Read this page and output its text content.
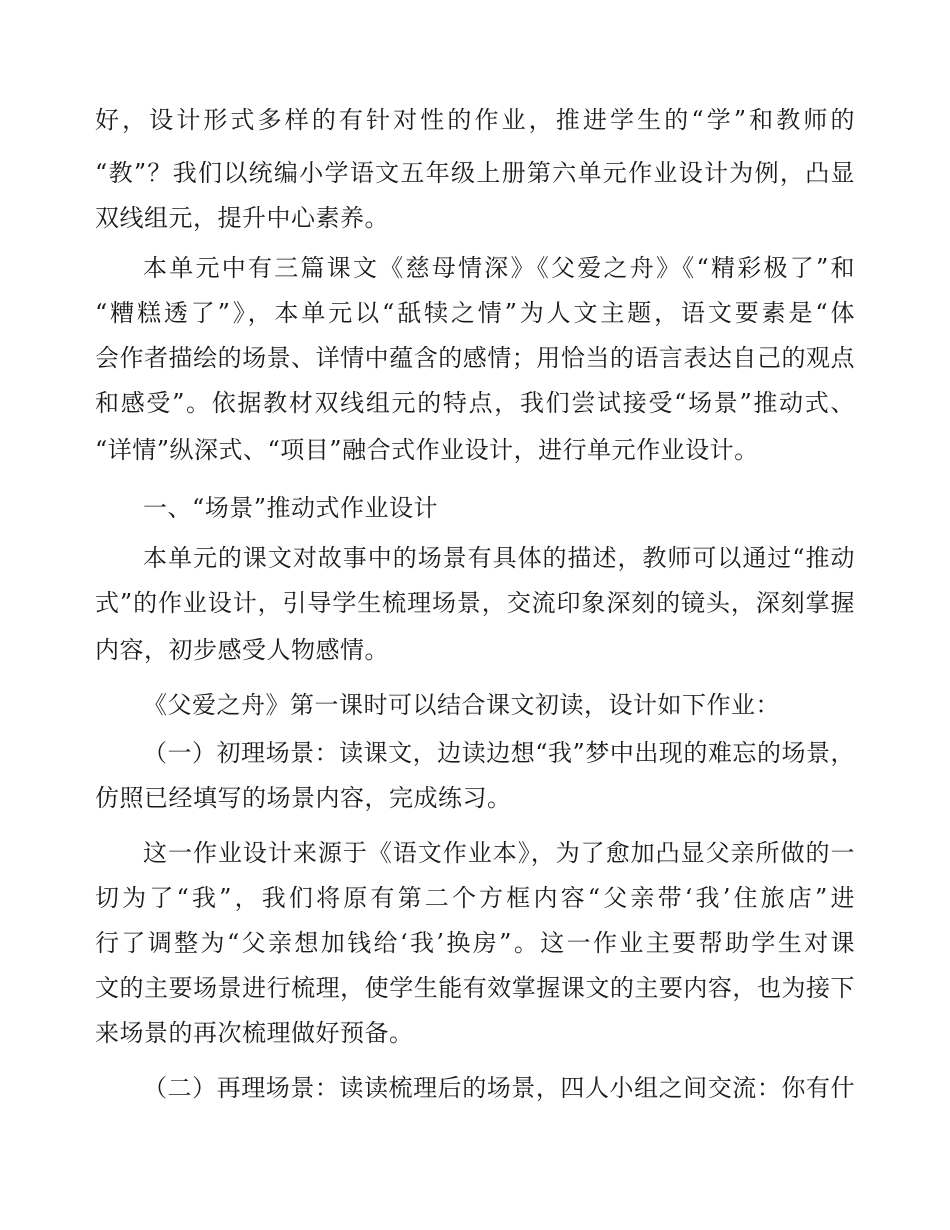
好，设计形式多样的有针对性的作业，推进学生的“学”和教师的
“教”？我们以统编小学语文五年级上册第六单元作业设计为例，凸显
双线组元，提升中心素养。
本单元中有三篇课文《慈母情深》《父爱之舟》《“精彩极了”和
“糟糕透了”》，本单元以“舐犊之情”为人文主题，语文要素是“体
会作者描绘的场景、详情中蕴含的感情；用恰当的语言表达自己的观点
和感受”。依据教材双线组元的特点，我们尝试接受“场景”推动式、
“详情”纵深式、“项目”融合式作业设计，进行单元作业设计。
一、“场景”推动式作业设计
本单元的课文对故事中的场景有具体的描述，教师可以通过“推动
式”的作业设计，引导学生梳理场景，交流印象深刻的镜头，深刻掌握
内容，初步感受人物感情。
《父爱之舟》第一课时可以结合课文初读，设计如下作业：
（一）初理场景：读课文，边读边想“我”梦中出现的难忘的场景，
仿照已经填写的场景内容，完成练习。
这一作业设计来源于《语文作业本》，为了愈加凸显父亲所做的一
切为了“我”，我们将原有第二个方框内容“父亲带‘我’住旅店”进
行了调整为“父亲想加钱给‘我’换房”。这一作业主要帮助学生对课
文的主要场景进行梳理，使学生能有效掌握课文的主要内容，也为接下
来场景的再次梳理做好预备。
（二）再理场景：读读梳理后的场景，四人小组之间交流：你有什
